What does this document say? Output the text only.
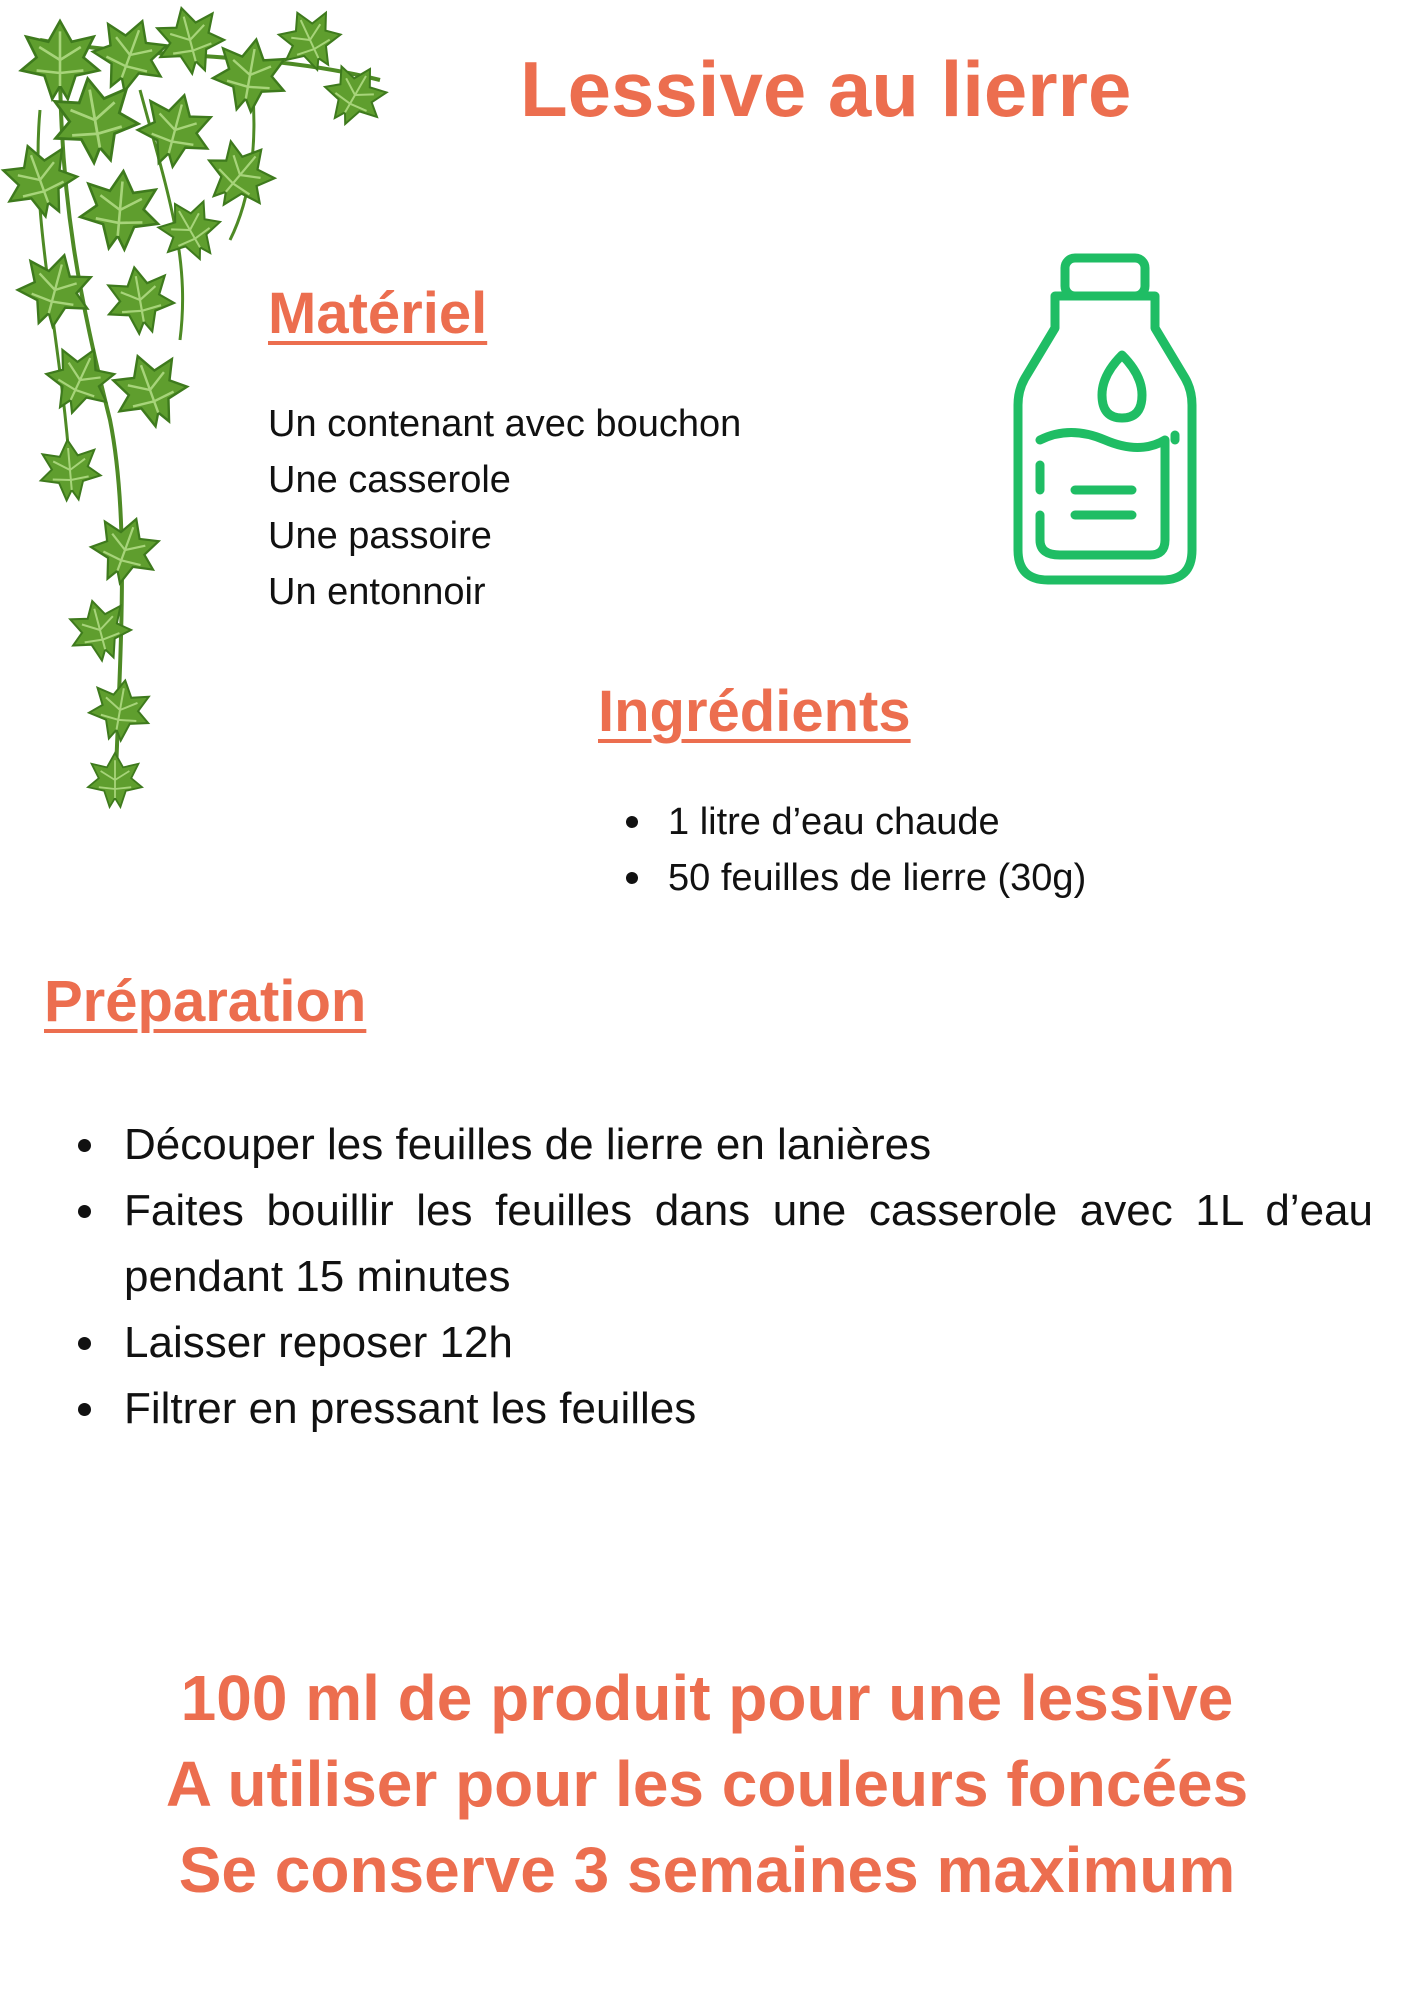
Lessive au lierre
Matériel
Un contenant avec bouchon
Une casserole
Une passoire
Un entonnoir
Ingrédients
1 litre d’eau chaude
50 feuilles de lierre (30g)
Préparation
Découper les feuilles de lierre en lanières
Faites bouillir les feuilles dans une casserole avec 1L d’eau pendant 15 minutes
Laisser reposer 12h
Filtrer en pressant les feuilles
100 ml de produit pour une lessive
A utiliser pour les couleurs foncées
Se conserve 3 semaines maximum
